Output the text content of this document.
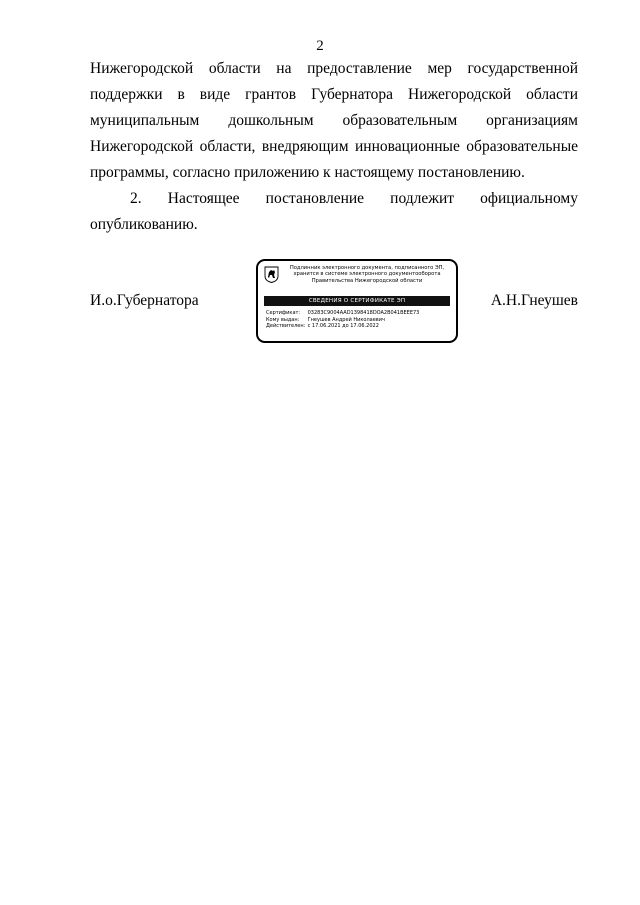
2
Нижегородской области на предоставление мер государственной
поддержки в виде грантов Губернатора Нижегородской области
муниципальным дошкольным образовательным организациям
Нижегородской области, внедряющим инновационные образовательные
программы, согласно приложению к настоящему постановлению.
2. Настоящее постановление подлежит официальному
опубликованию.
И.о.Губернатора	А.Н.Гнеушев
Подлинник электронного документа, подписанного ЭП,
хранится в системе электронного документооборота
Правительства Нижегородской области
СВЕДЕНИЯ О СЕРТИФИКАТЕ ЭП
Сертификат: 03283C9004AAD1398418DOA2B041BEEE73
Кому выдан: Гнеушев Андрей Николаевич
Действителен: с 17.06.2021 до 17.06.2022
